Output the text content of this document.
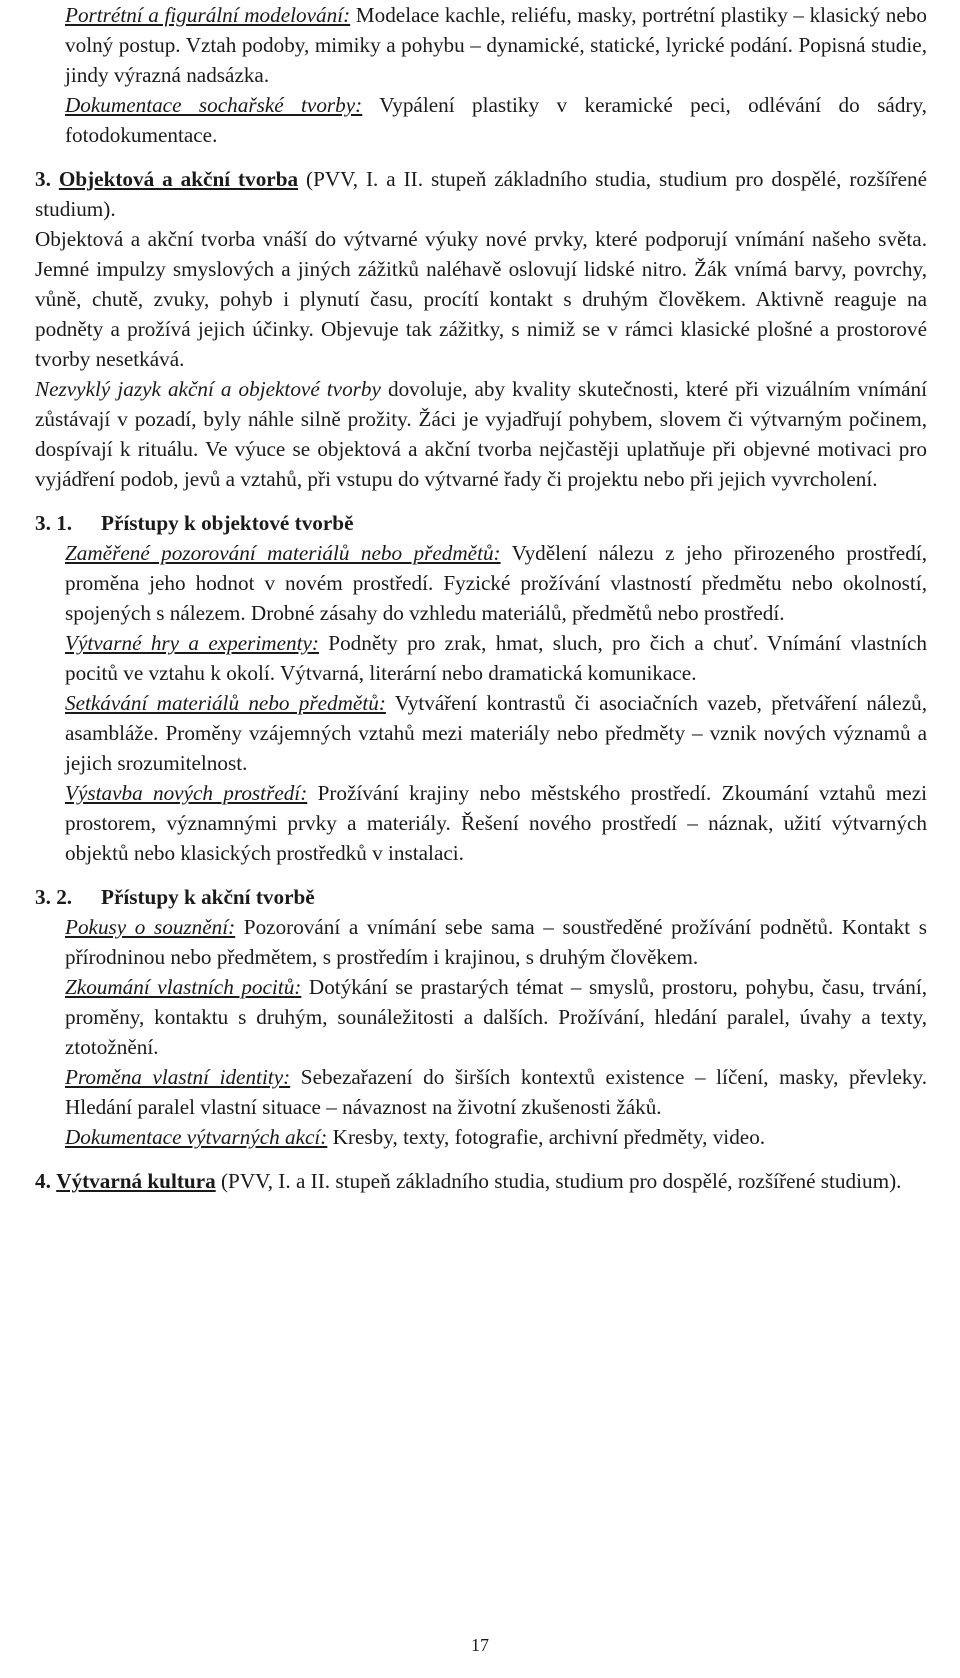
Portrétní a figurální modelování: Modelace kachle, reliéfu, masky, portrétní plastiky – klasický nebo volný postup. Vztah podoby, mimiky a pohybu – dynamické, statické, lyrické podání. Popisná studie, jindy výrazná nadsázka.

Dokumentace sochařské tvorby: Vypálení plastiky v keramické peci, odlévání do sádry, fotodokumentace.

3. Objektová a akční tvorba (PVV, I. a II. stupeň základního studia, studium pro dospělé, rozšířené studium).

Objektová a akční tvorba vnáší do výtvarné výuky nové prvky, které podporují vnímání našeho světa. Jemné impulzy smyslových a jiných zážitků naléhavě oslovují lidské nitro. Žák vnímá barvy, povrchy, vůně, chutě, zvuky, pohyb i plynutí času, procítí kontakt s druhým člověkem. Aktivně reaguje na podněty a prožívá jejich účinky. Objevuje tak zážitky, s nimiž se v rámci klasické plošné a prostorové tvorby nesetkává.

Nezvyklý jazyk akční a objektové tvorby dovoluje, aby kvality skutečnosti, které při vizuálním vnímání zůstávají v pozadí, byly náhle silně prožity. Žáci je vyjadřují pohybem, slovem či výtvarným počinem, dospívají k rituálu. Ve výuce se objektová a akční tvorba nejčastěji uplatňuje při objevné motivaci pro vyjádření podob, jevů a vztahů, při vstupu do výtvarné řady či projektu nebo při jejich vyvrcholení.

3. 1.	Přístupy k objektové tvorbě

Zaměřené pozorování materiálů nebo předmětů: Vydělení nálezu z jeho přirozeného prostředí, proměna jeho hodnot v novém prostředí. Fyzické prožívání vlastností předmětu nebo okolností, spojených s nálezem. Drobné zásahy do vzhledu materiálů, předmětů nebo prostředí.

Výtvarné hry a experimenty: Podněty pro zrak, hmat, sluch, pro čich a chuť. Vnímání vlastních pocitů ve vztahu k okolí. Výtvarná, literární nebo dramatická komunikace.

Setkávání materiálů nebo předmětů: Vytváření kontrastů či asociačních vazeb, přetváření nálezů, asambláže. Proměny vzájemných vztahů mezi materiály nebo předměty – vznik nových významů a jejich srozumitelnost.

Výstavba nových prostředí: Prožívání krajiny nebo městského prostředí. Zkoumání vztahů mezi prostorem, významnými prvky a materiály. Řešení nového prostředí – náznak, užití výtvarných objektů nebo klasických prostředků v instalaci.

3. 2.	Přístupy k akční tvorbě

Pokusy o souznění: Pozorování a vnímání sebe sama – soustředěné prožívání podnětů. Kontakt s přírodninou nebo předmětem, s prostředím i krajinou, s druhým člověkem.

Zkoumání vlastních pocitů: Dotýkání se prastarých témat – smyslů, prostoru, pohybu, času, trvání, proměny, kontaktu s druhým, sounáležitosti a dalších. Prožívání, hledání paralel, úvahy a texty, ztotožnění.

Proměna vlastní identity: Sebezařazení do širších kontextů existence – líčení, masky, převleky. Hledání paralel vlastní situace – návaznost na životní zkušenosti žáků.

Dokumentace výtvarných akcí: Kresby, texty, fotografie, archivní předměty, video.

4. Výtvarná kultura (PVV, I. a II. stupeň základního studia, studium pro dospělé, rozšířené studium).

17
